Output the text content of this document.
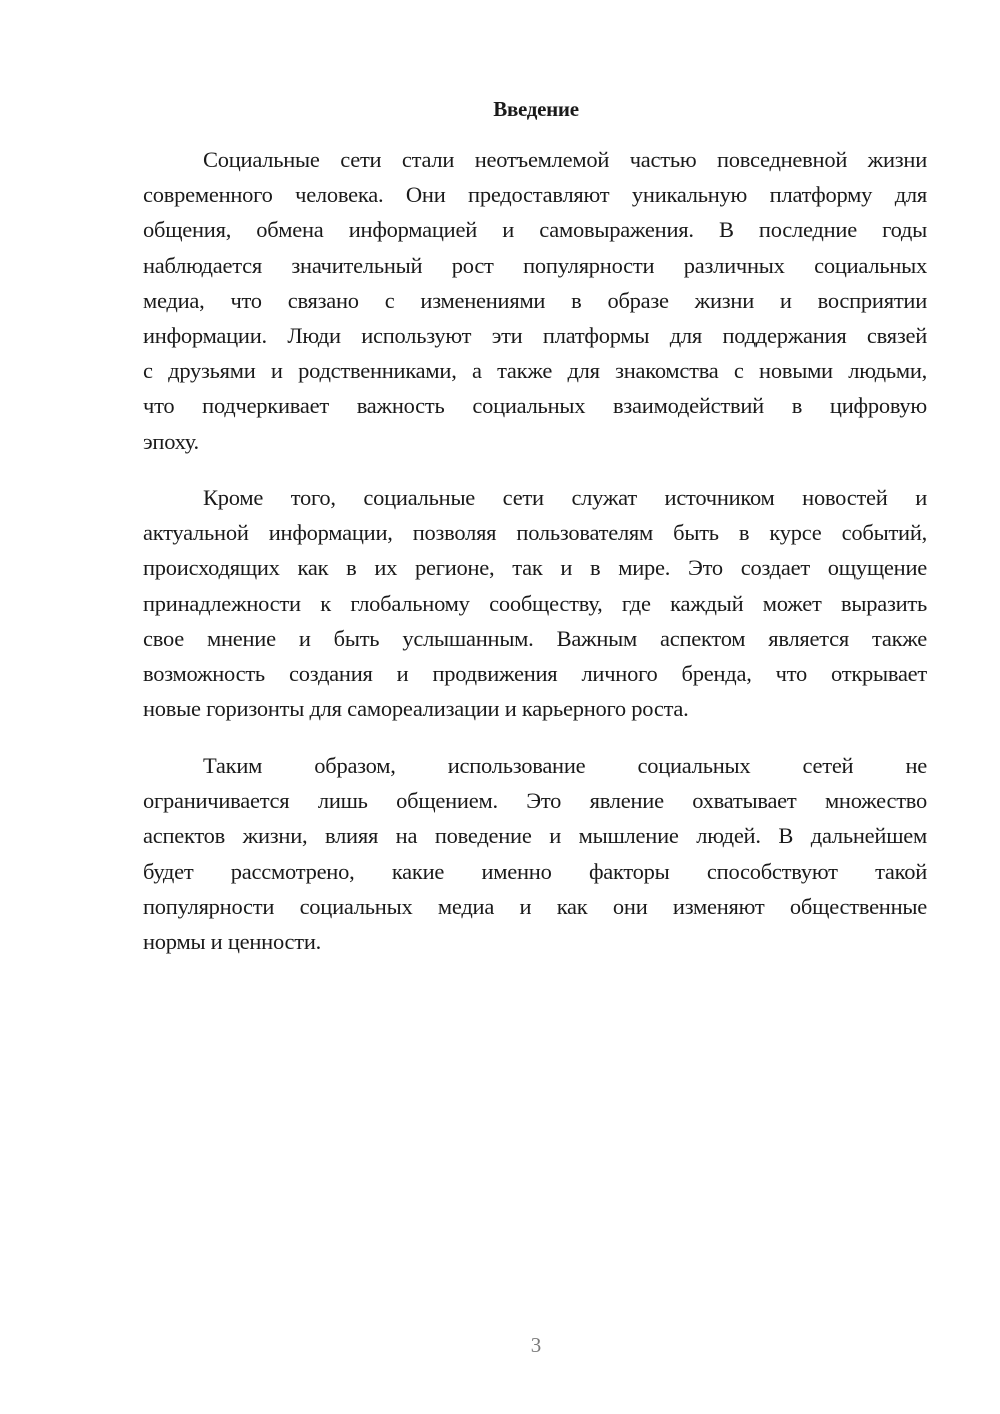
Введение
Социальные сети стали неотъемлемой частью повседневной жизни
современного человека. Они предоставляют уникальную платформу для
общения, обмена информацией и самовыражения. В последние годы
наблюдается значительный рост популярности различных социальных
медиа, что связано с изменениями в образе жизни и восприятии
информации. Люди используют эти платформы для поддержания связей
с друзьями и родственниками, а также для знакомства с новыми людьми,
что подчеркивает важность социальных взаимодействий в цифровую
эпоху.
Кроме того, социальные сети служат источником новостей и
актуальной информации, позволяя пользователям быть в курсе событий,
происходящих как в их регионе, так и в мире. Это создает ощущение
принадлежности к глобальному сообществу, где каждый может выразить
свое мнение и быть услышанным. Важным аспектом является также
возможность создания и продвижения личного бренда, что открывает
новые горизонты для самореализации и карьерного роста.
Таким образом, использование социальных сетей не
ограничивается лишь общением. Это явление охватывает множество
аспектов жизни, влияя на поведение и мышление людей. В дальнейшем
будет рассмотрено, какие именно факторы способствуют такой
популярности социальных медиа и как они изменяют общественные
нормы и ценности.
3
